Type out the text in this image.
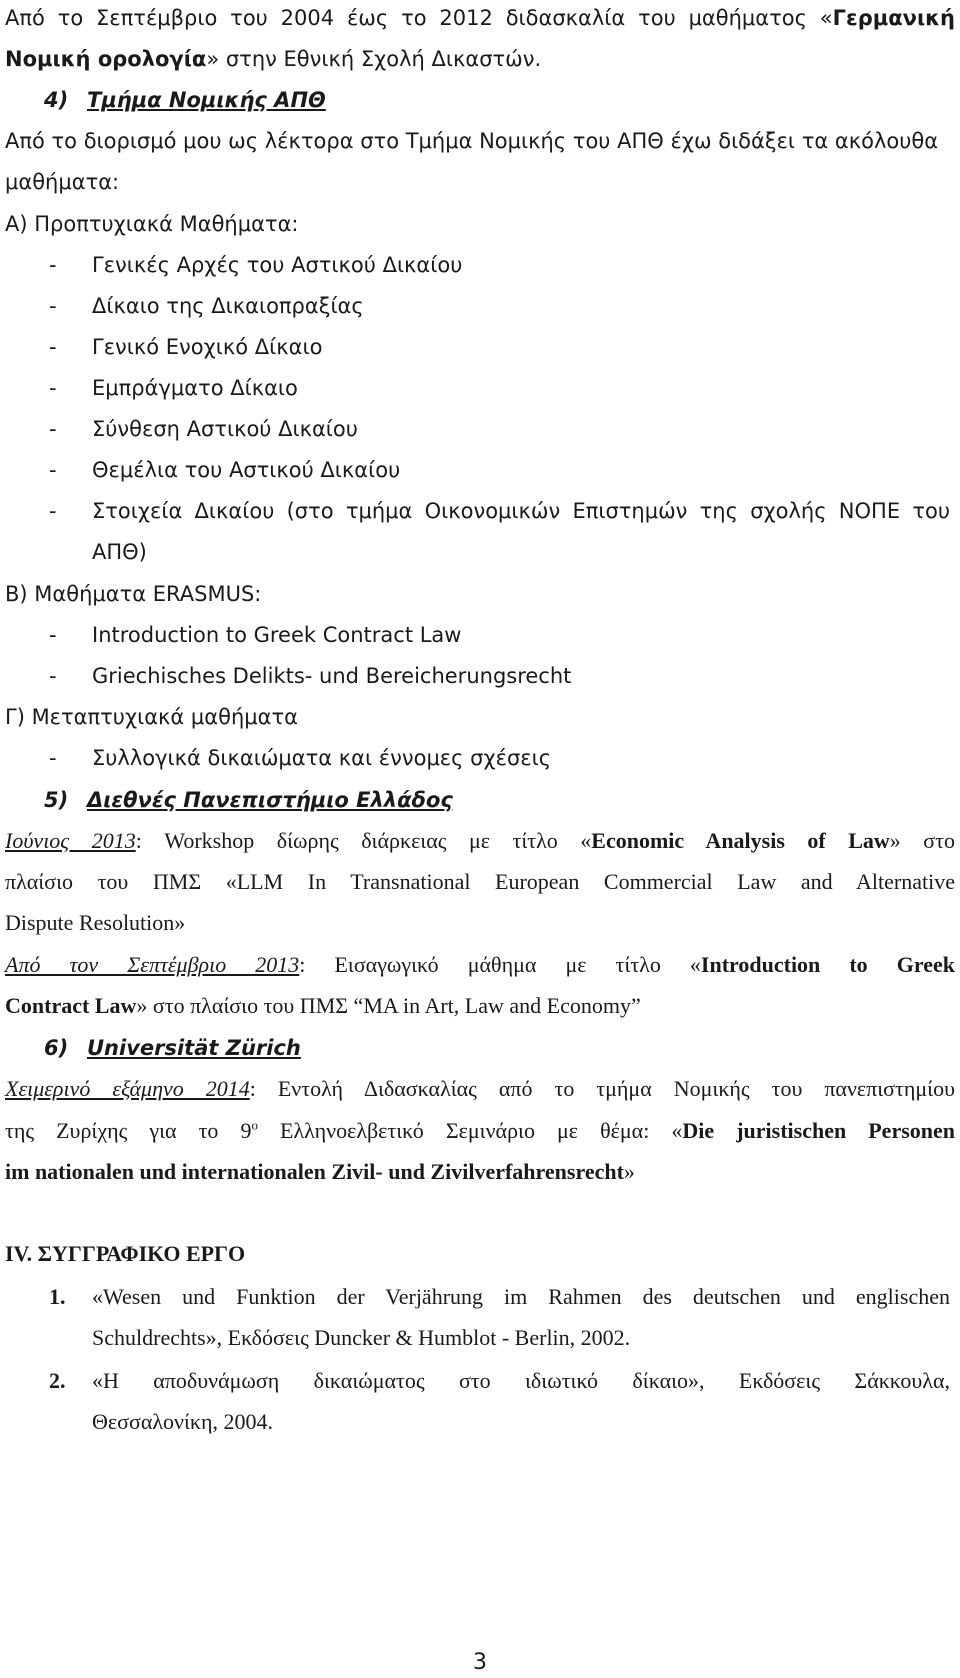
Από το Σεπτέμβριο του 2004 έως το 2012 διδασκαλία του μαθήματος «Γερμανική
Νομική ορολογία» στην Εθνική Σχολή Δικαστών.
4) Τμήμα Νομικής ΑΠΘ
Από το διορισμό μου ως λέκτορα στο Τμήμα Νομικής του ΑΠΘ έχω διδάξει τα ακόλουθα
μαθήματα:
Α) Προπτυχιακά Μαθήματα:
- Γενικές Αρχές του Αστικού Δικαίου
- Δίκαιο της Δικαιοπραξίας
- Γενικό Ενοχικό Δίκαιο
- Εμπράγματο Δίκαιο
- Σύνθεση Αστικού Δικαίου
- Θεμέλια του Αστικού Δικαίου
- Στοιχεία Δικαίου (στο τμήμα Οικονομικών Επιστημών της σχολής ΝΟΠΕ του
ΑΠΘ)
Β) Μαθήματα ERASMUS:
- Introduction to Greek Contract Law
- Griechisches Delikts- und Bereicherungsrecht
Γ) Μεταπτυχιακά μαθήματα
- Συλλογικά δικαιώματα και έννομες σχέσεις
5) Διεθνές Πανεπιστήμιο Ελλάδος
Ιούνιος 2013: Workshop δίωρης διάρκειας με τίτλο «Economic Analysis of Law» στο
πλαίσιο του ΠΜΣ «LLM In Transnational European Commercial Law and Alternative
Dispute Resolution»
Από τον Σεπτέμβριο 2013: Εισαγωγικό μάθημα με τίτλο «Introduction to Greek
Contract Law» στο πλαίσιο του ΠΜΣ “MA in Art, Law and Economy”
6) Universität Zürich
Χειμερινό εξάμηνο 2014: Εντολή Διδασκαλίας από το τμήμα Νομικής του πανεπιστημίου
της Ζυρίχης για το $9^o$ Ελληνοελβετικό Σεμινάριο με θέμα: «Die juristischen Personen
im nationalen und internationalen Zivil- und Zivilverfahrensrecht»
IV. ΣΥΓΓΡΑΦΙΚΟ ΕΡΓΟ
1. «Wesen und Funktion der Verjährung im Rahmen des deutschen und englischen
Schuldrechts», Εκδόσεις Duncker & Humblot - Berlin, 2002.
2. «Η αποδυνάμωση δικαιώματος στο ιδιωτικό δίκαιο», Εκδόσεις Σάκκουλα,
Θεσσαλονίκη, 2004.
3
